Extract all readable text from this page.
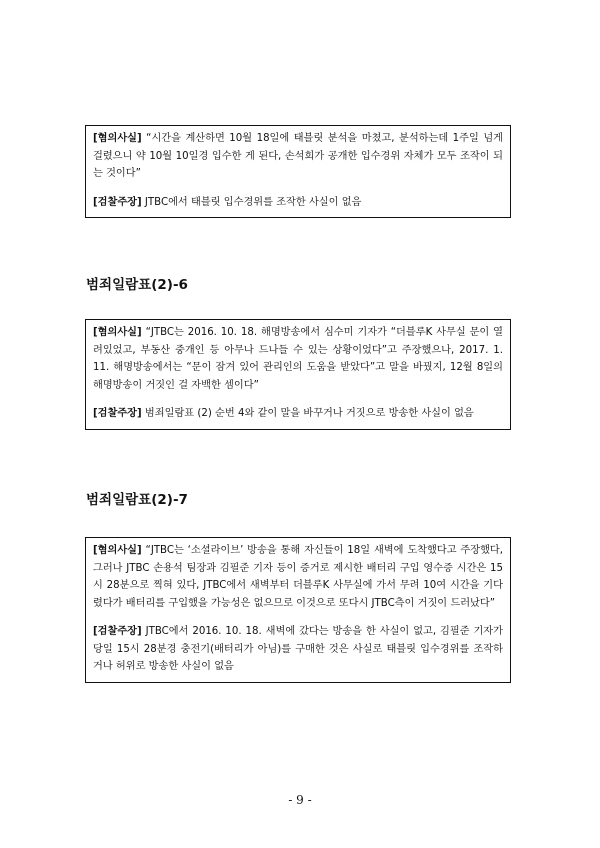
[혐의사실] “시간을 계산하면 10월 18일에 태블릿 분석을 마쳤고, 분석하는데 1주일 넘게 걸렸으니 약 10월 10일경 입수한 게 된다, 손석희가 공개한 입수경위 자체가 모두 조작이 되는 것이다”

[검찰주장] JTBC에서 태블릿 입수경위를 조작한 사실이 없음

범죄일람표(2)-6

[혐의사실] “JTBC는 2016. 10. 18. 해명방송에서 심수미 기자가 “더블루K 사무실 문이 열려있었고, 부동산 중개인 등 아무나 드나들 수 있는 상황이었다”고 주장했으나, 2017. 1. 11. 해명방송에서는 “문이 잠겨 있어 관리인의 도움을 받았다”고 말을 바꿨지, 12월 8일의 해명방송이 거짓인 걸 자백한 셈이다”

[검찰주장] 범죄일람표 (2) 순번 4와 같이 말을 바꾸거나 거짓으로 방송한 사실이 없음

범죄일람표(2)-7

[혐의사실] “JTBC는 ‘소셜라이브’ 방송을 통해 자신들이 18일 새벽에 도착했다고 주장했다, 그러나 JTBC 손용석 팀장과 김필준 기자 등이 증거로 제시한 배터리 구입 영수증 시간은 15시 28분으로 찍혀 있다, JTBC에서 새벽부터 더블루K 사무실에 가서 무려 10여 시간을 기다렸다가 배터리를 구입했을 가능성은 없으므로 이것으로 또다시 JTBC측이 거짓이 드러났다”

[검찰주장] JTBC에서 2016. 10. 18. 새벽에 갔다는 방송을 한 사실이 없고, 김필준 기자가 당일 15시 28분경 충전기(배터리가 아님)를 구매한 것은 사실로 태블릿 입수경위를 조작하거나 허위로 방송한 사실이 없음

- 9 -
